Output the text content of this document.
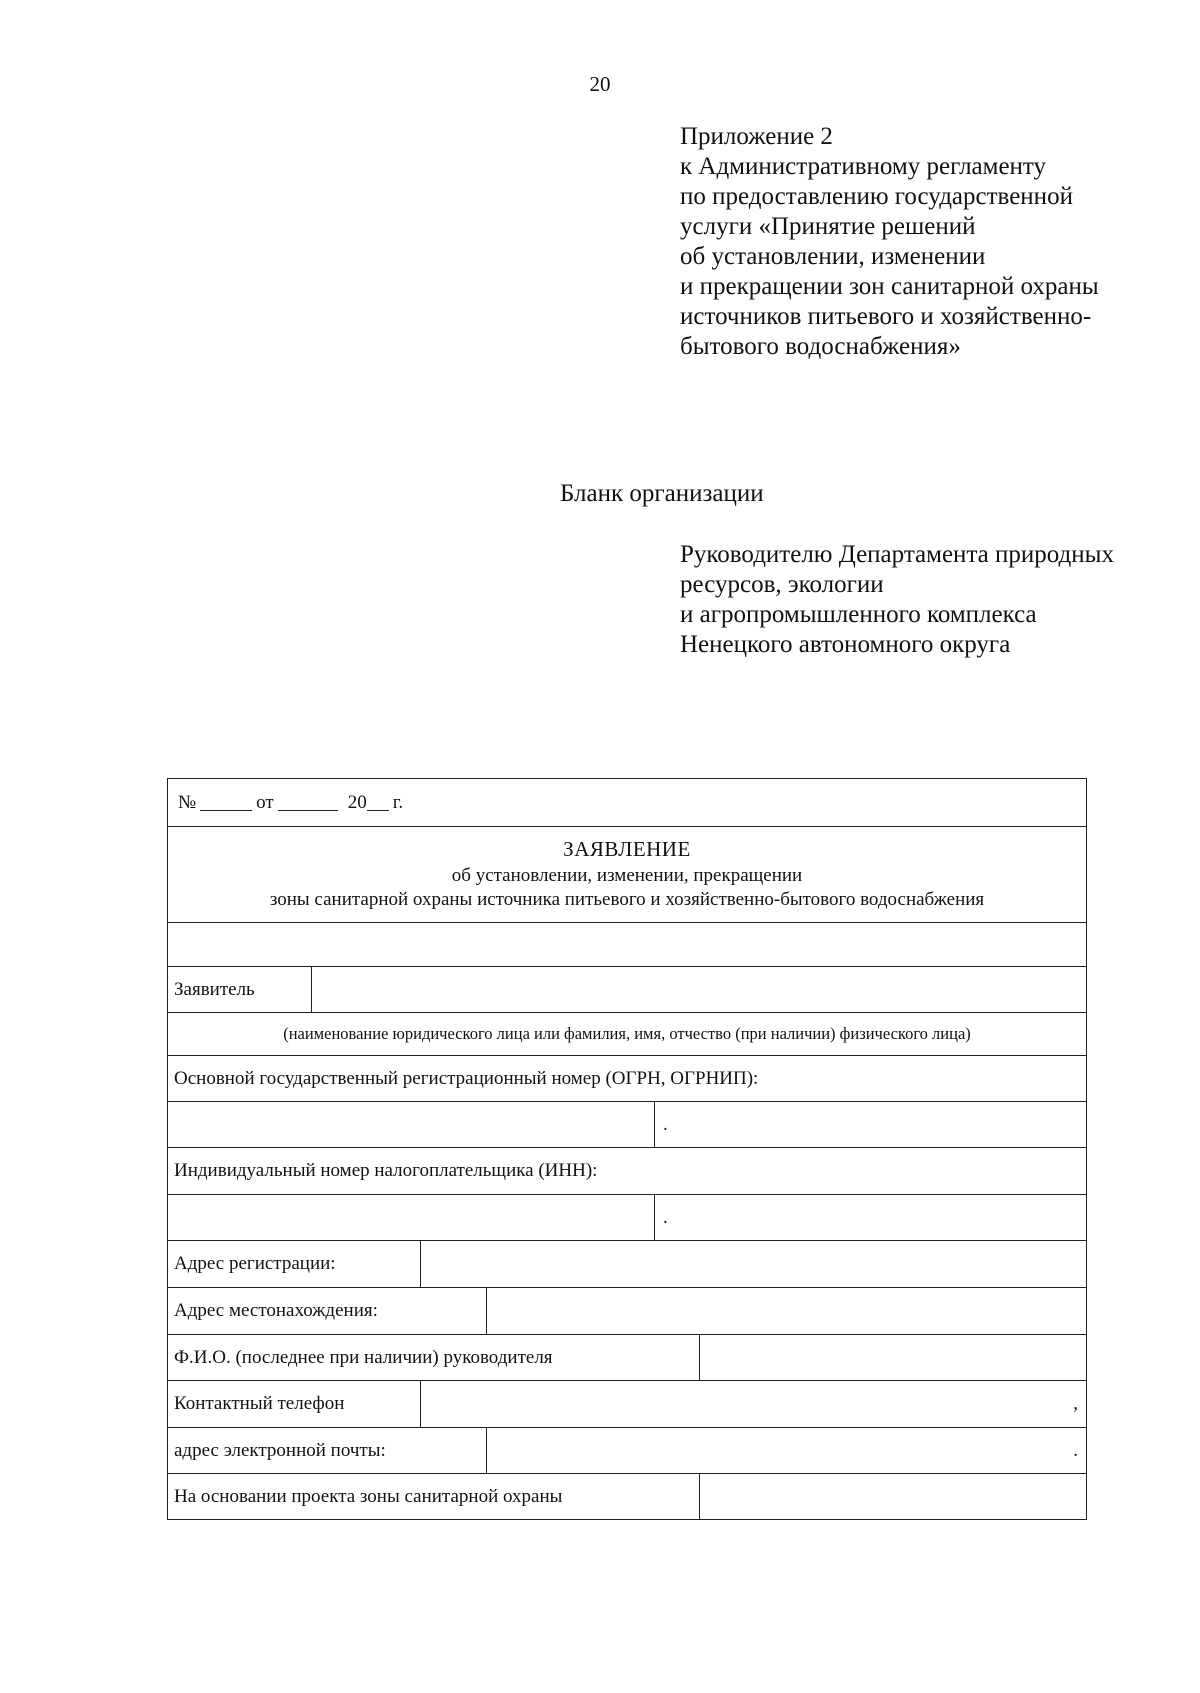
20
Приложение 2
к Административному регламенту
по предоставлению государственной
услуги «Принятие решений
об установлении, изменении
и прекращении зон санитарной охраны
источников питьевого и хозяйственно-
бытового водоснабжения»
Бланк организации
Руководителю Департамента природных
ресурсов, экологии
и агропромышленного комплекса
Ненецкого автономного округа
№	от	20 г.
ЗАЯВЛЕНИЕ
об установлении, изменении, прекращении
зоны санитарной охраны источника питьевого и хозяйственно-бытового водоснабжения
Заявитель
(наименование юридического лица или фамилия, имя, отчество (при наличии) физического лица)
Основной государственный регистрационный номер (ОГРН, ОГРНИП):
.
Индивидуальный номер налогоплательщика (ИНН):
.
Адрес регистрации:
Адрес местонахождения:
Ф.И.О. (последнее при наличии) руководителя
Контактный телефон	,
адрес электронной почты:	.
На основании проекта зоны санитарной охраны
